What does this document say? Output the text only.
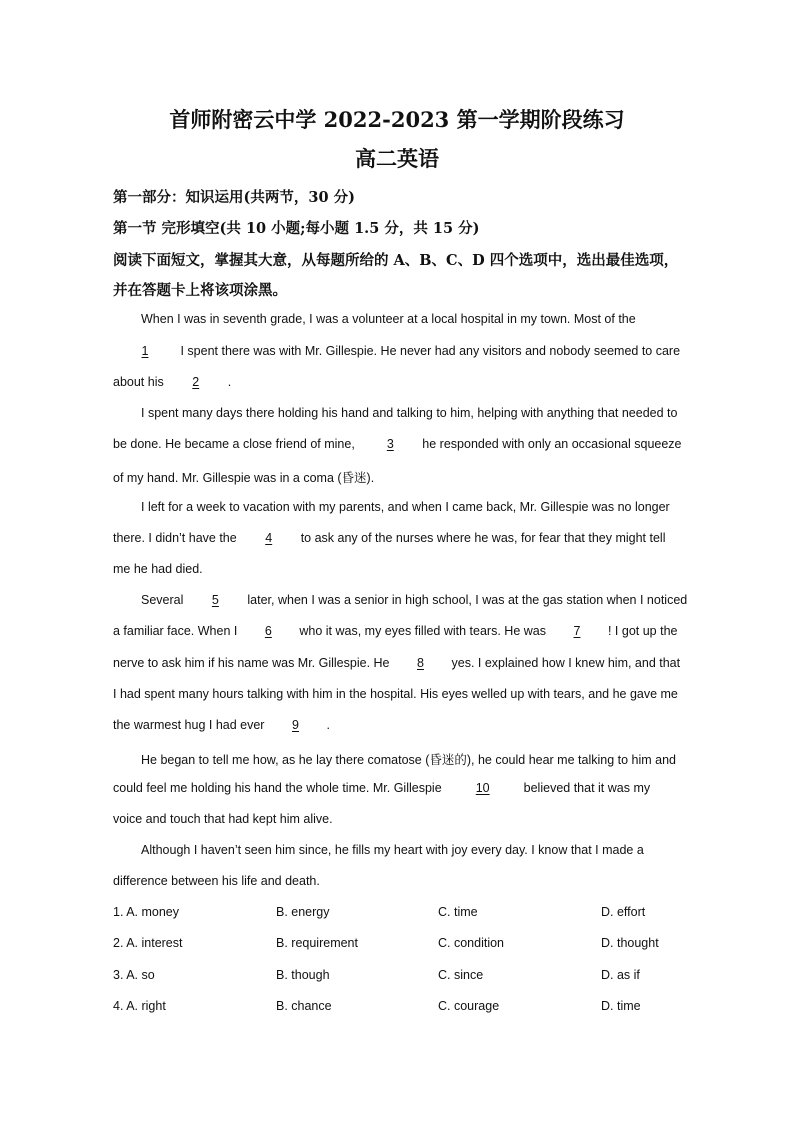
首师附密云中学 2022-2023 第一学期阶段练习
高二英语
第一部分：知识运用(共两节，30 分)
第一节 完形填空(共 10 小题;每小题 1.5 分，共 15 分)
阅读下面短文，掌握其大意，从每题所给的 A、B、C、D 四个选项中，选出最佳选项，
并在答题卡上将该项涂黑。
When I was in seventh grade, I was a volunteer at a local hospital in my town. Most of the
1 I spent there was with Mr. Gillespie. He never had any visitors and nobody seemed to care
about his 2 .
I spent many days there holding his hand and talking to him, helping with anything that needed to
be done. He became a close friend of mine, 3 he responded with only an occasional squeeze
of my hand. Mr. Gillespie was in a coma (昏迷).
I left for a week to vacation with my parents, and when I came back, Mr. Gillespie was no longer
there. I didn’t have the 4 to ask any of the nurses where he was, for fear that they might tell
me he had died.
Several 5 later, when I was a senior in high school, I was at the gas station when I noticed
a familiar face. When I 6 who it was, my eyes filled with tears. He was 7 ! I got up the
nerve to ask him if his name was Mr. Gillespie. He 8 yes. I explained how I knew him, and that
I had spent many hours talking with him in the hospital. His eyes welled up with tears, and he gave me
the warmest hug I had ever 9 .
He began to tell me how, as he lay there comatose (昏迷的), he could hear me talking to him and
could feel me holding his hand the whole time. Mr. Gillespie	10	believed that it was my
voice and touch that had kept him alive.
Although I haven’t seen him since, he fills my heart with joy every day. I know that I made a
difference between his life and death.
1. A. money	B. energy	C. time	D. effort
2. A. interest	B. requirement	C. condition	D. thought
3. A. so	B. though	C. since	D. as if
4. A. right	B. chance	C. courage	D. time
